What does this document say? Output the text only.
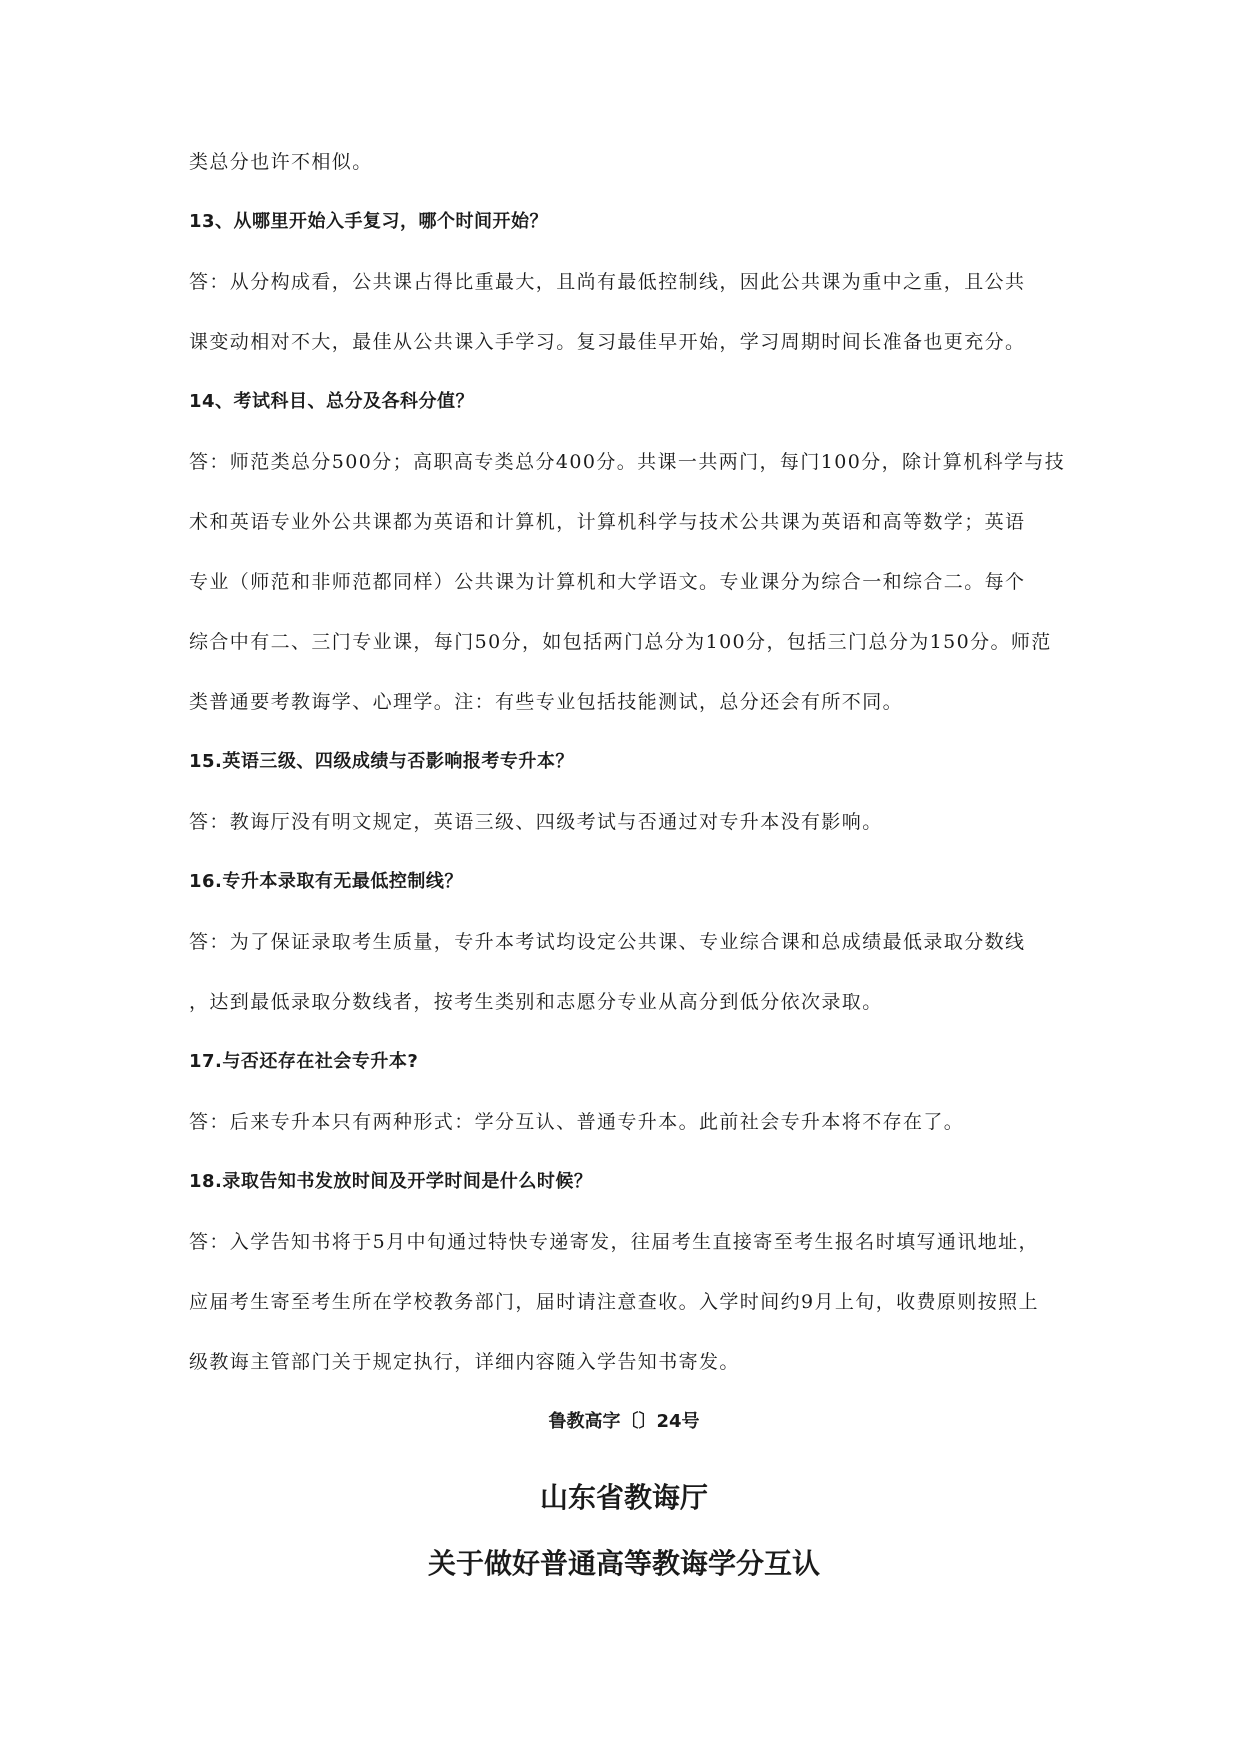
类总分也许不相似。
13、从哪里开始入手复习，哪个时间开始？
答：从分构成看，公共课占得比重最大，且尚有最低控制线，因此公共课为重中之重，且公共
课变动相对不大，最佳从公共课入手学习。复习最佳早开始，学习周期时间长准备也更充分。
14、考试科目、总分及各科分值？
答：师范类总分500分；高职高专类总分400分。共课一共两门，每门100分，除计算机科学与技
术和英语专业外公共课都为英语和计算机，计算机科学与技术公共课为英语和高等数学；英语
专业（师范和非师范都同样）公共课为计算机和大学语文。专业课分为综合一和综合二。每个
综合中有二、三门专业课，每门50分，如包括两门总分为100分，包括三门总分为150分。师范
类普通要考教诲学、心理学。注：有些专业包括技能测试，总分还会有所不同。
15.英语三级、四级成绩与否影响报考专升本？
答：教诲厅没有明文规定，英语三级、四级考试与否通过对专升本没有影响。
16.专升本录取有无最低控制线？
答：为了保证录取考生质量，专升本考试均设定公共课、专业综合课和总成绩最低录取分数线
，达到最低录取分数线者，按考生类别和志愿分专业从高分到低分依次录取。
17.与否还存在社会专升本?
答：后来专升本只有两种形式：学分互认、普通专升本。此前社会专升本将不存在了。
18.录取告知书发放时间及开学时间是什么时候？
答：入学告知书将于5月中旬通过特快专递寄发，往届考生直接寄至考生报名时填写通讯地址，
应届考生寄至考生所在学校教务部门，届时请注意查收。入学时间约9月上旬，收费原则按照上
级教诲主管部门关于规定执行，详细内容随入学告知书寄发。
鲁教高字〔〕24号
山东省教诲厅
关于做好普通高等教诲学分互认
